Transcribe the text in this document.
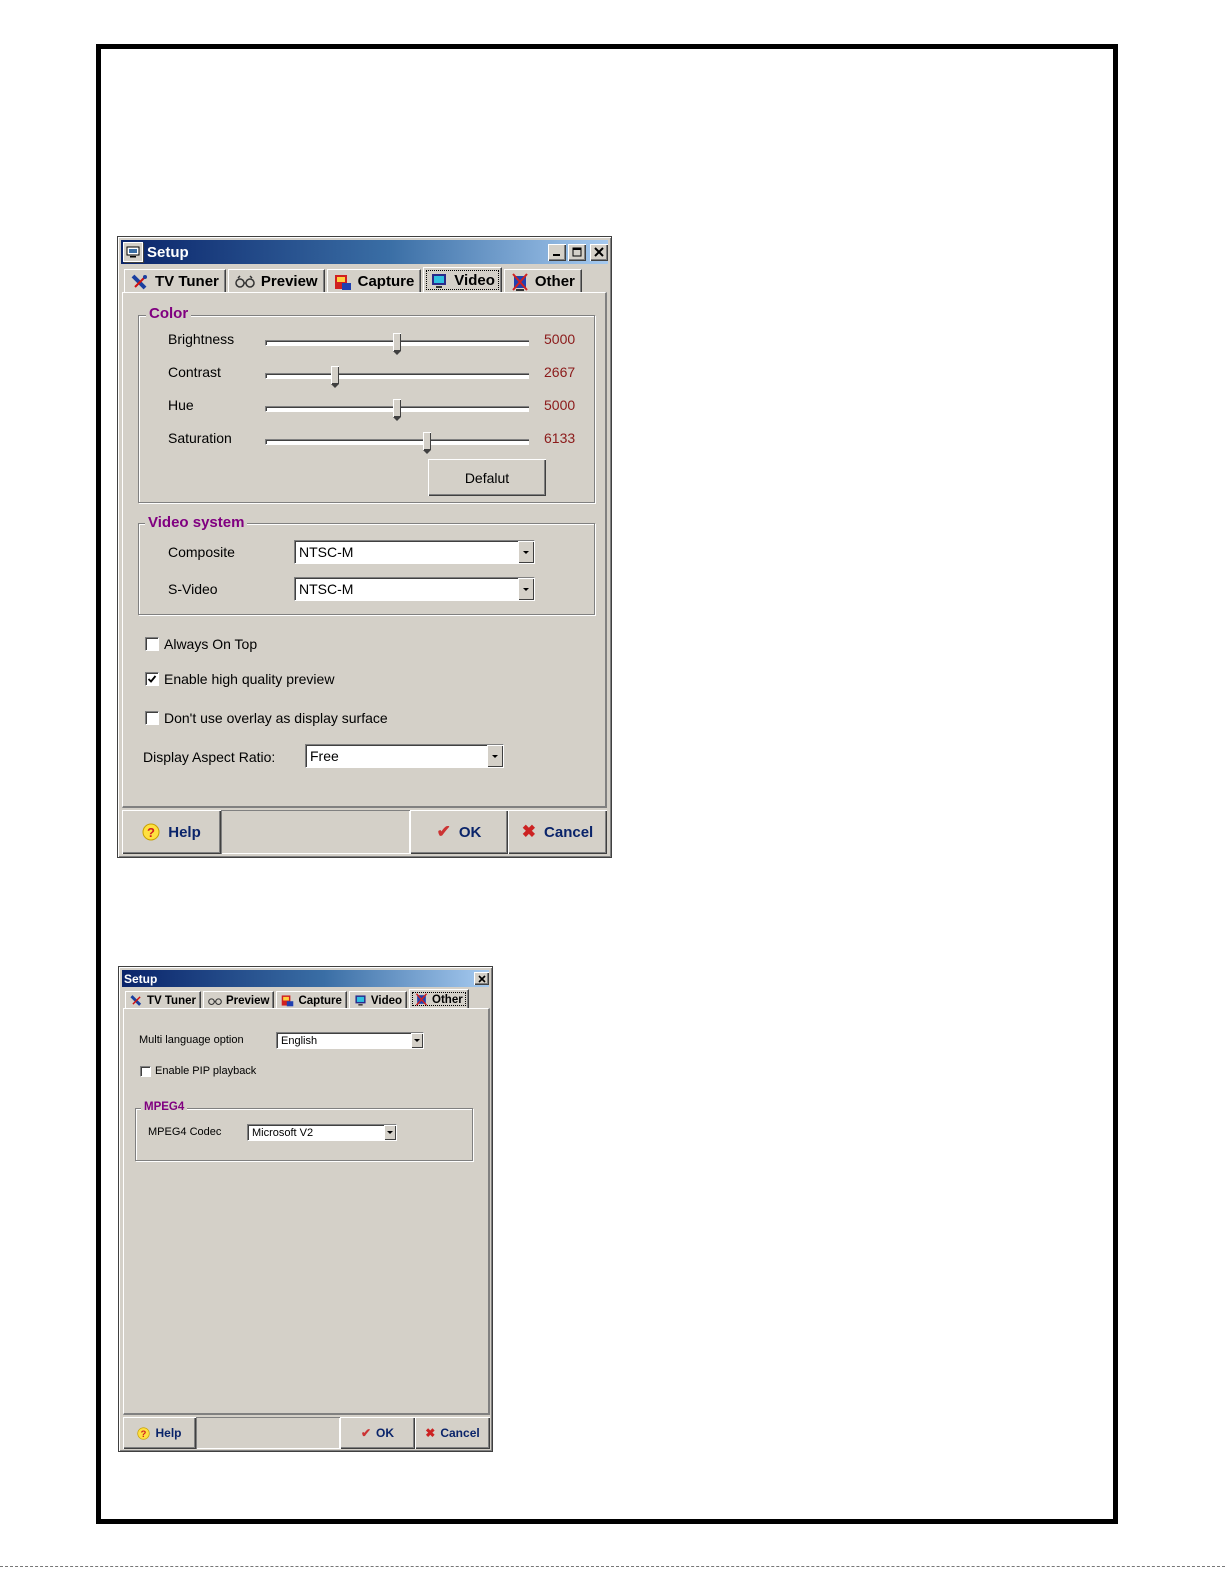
Setup
TV Tuner	Preview	Capture	Video	Other
Color
Brightness	5000
Contrast	2667
Hue	5000
Saturation	6133
Defalut
Video system
Composite	NTSC-M
S-Video	NTSC-M
Always On Top
Enable high quality preview
Don't use overlay as display surface
Display Aspect Ratio: Free
? Help	✔ OK ✖ Cancel
Setup
TV Tuner	Preview	Capture	Video	Other
Multi language option	English
Enable PIP playback
MPEG4
MPEG4 Codec	Microsoft V2
? Help	✔ OK	✖ Cancel
